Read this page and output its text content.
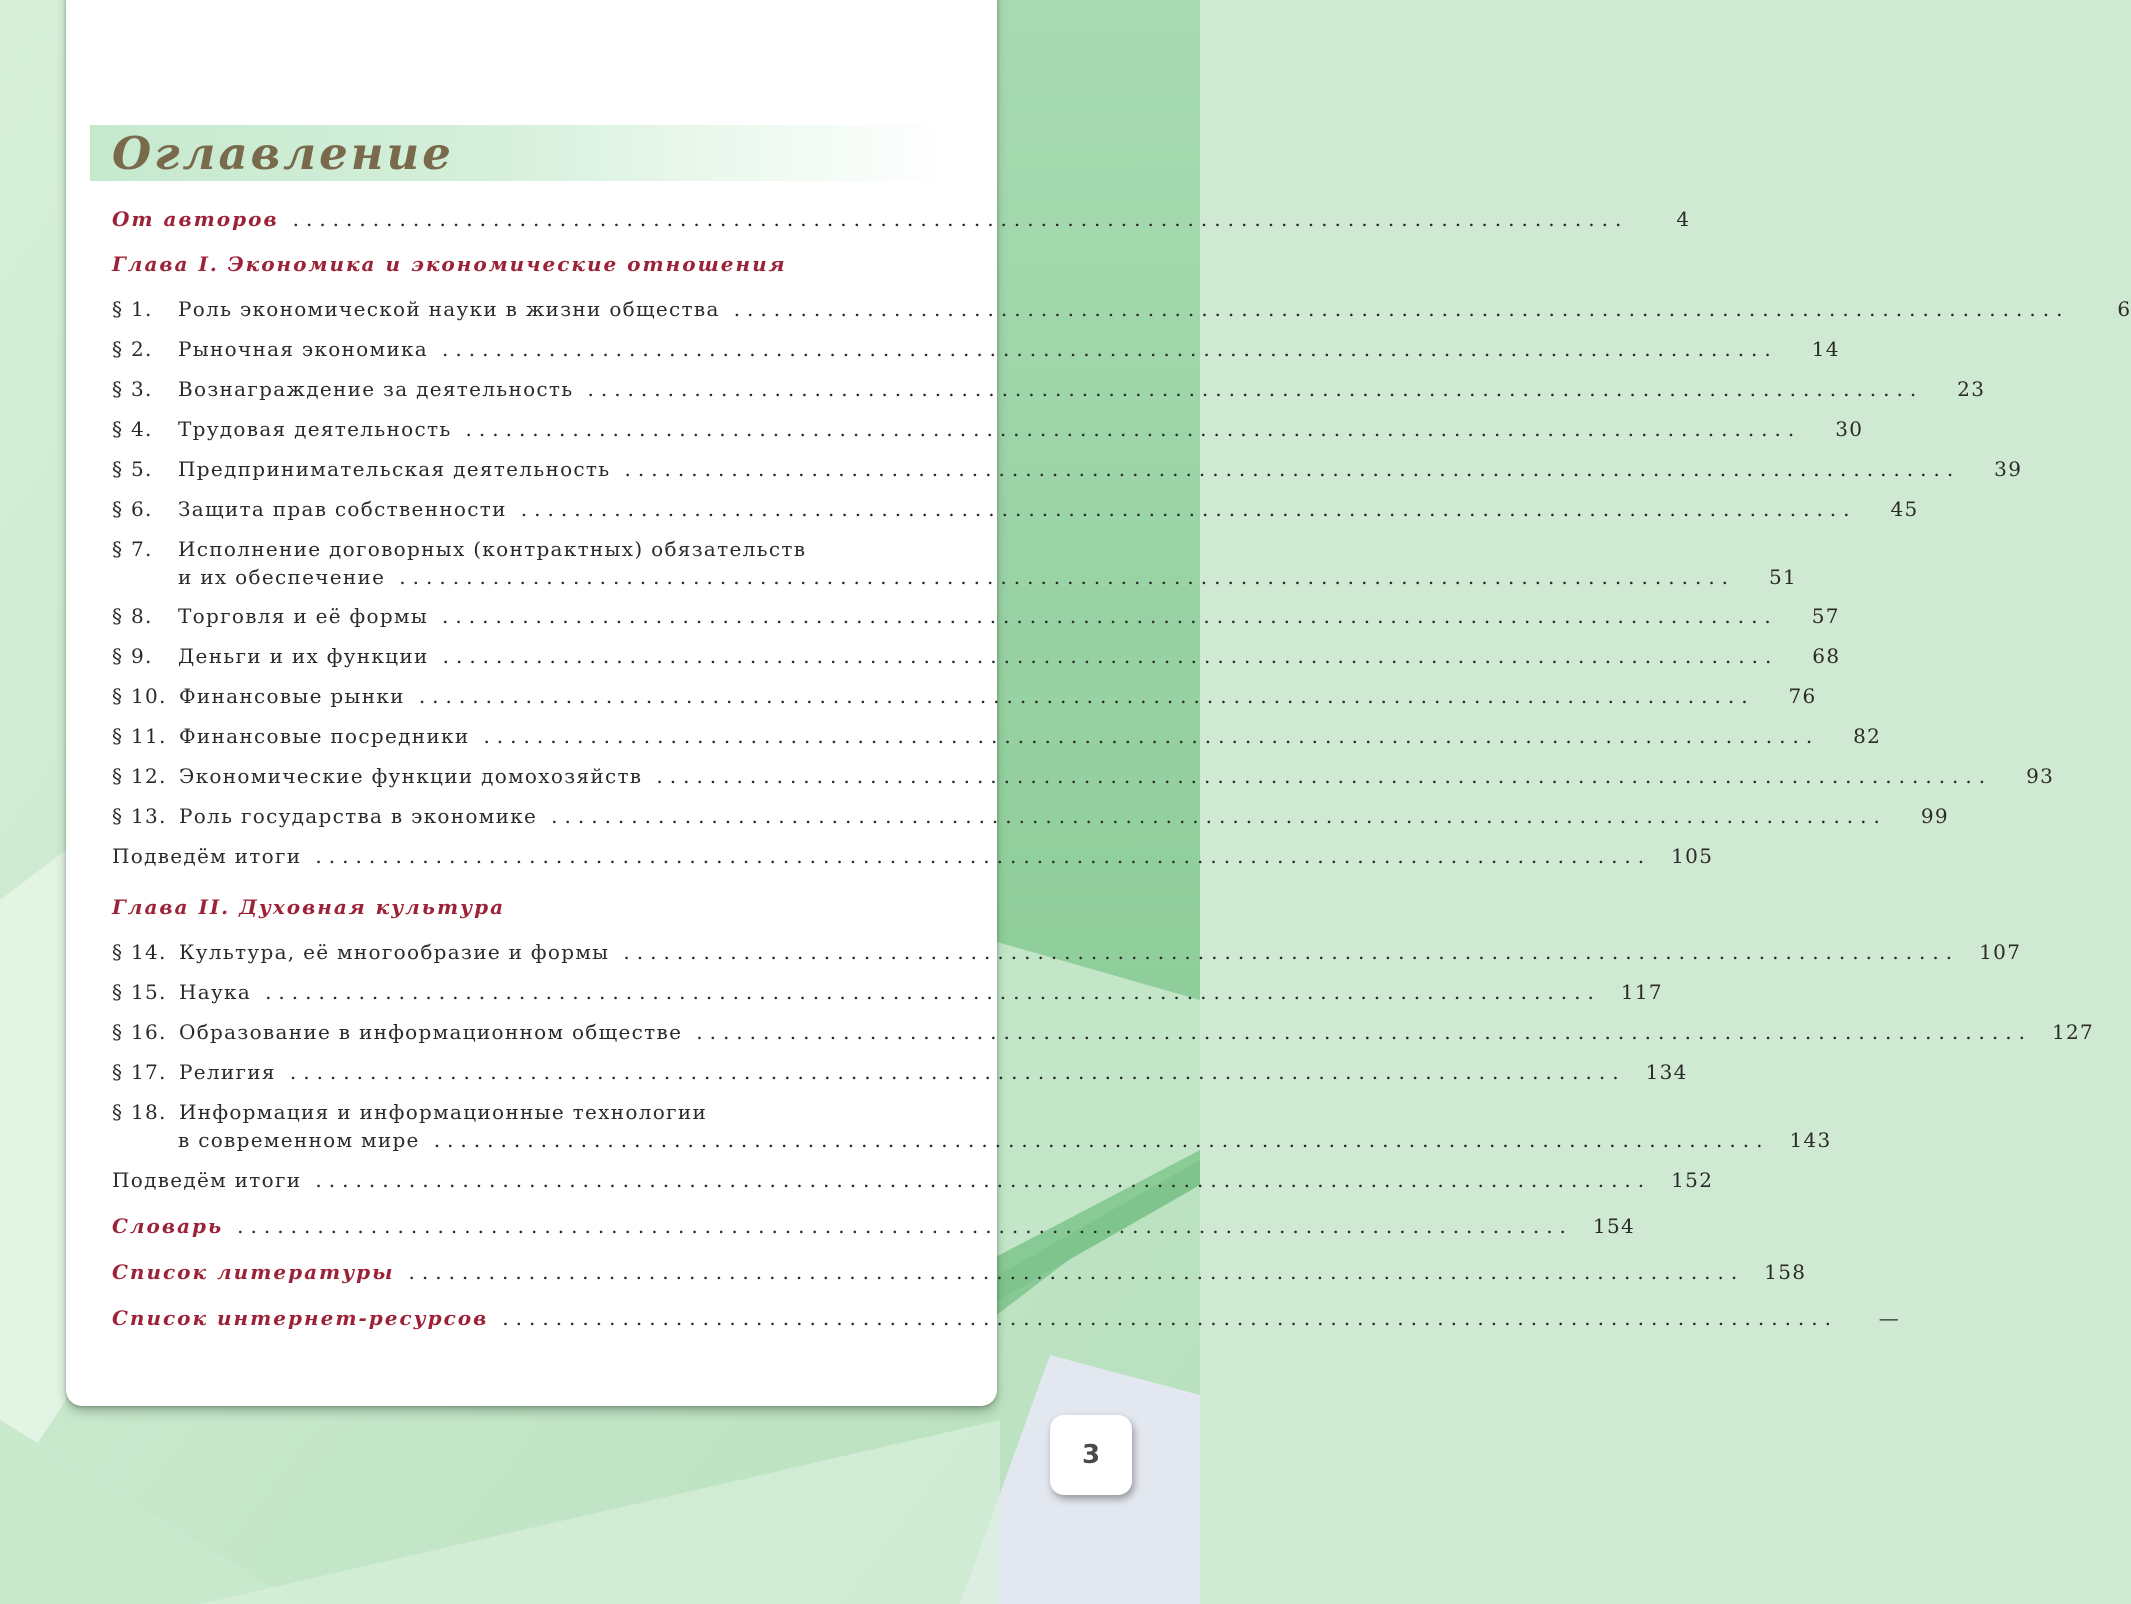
Оглавление
От авторов ....................................................................................................	4
Глава I. Экономика и экономические отношения
§ 1.	Роль экономической науки в жизни общества ....................................................................................................	6
§ 2.	Рыночная экономика ....................................................................................................	14
§ 3.	Вознаграждение за деятельность ....................................................................................................	23
§ 4.	Трудовая деятельность ....................................................................................................	30
§ 5.	Предпринимательская деятельность ....................................................................................................	39
§ 6.	Защита прав собственности ....................................................................................................	45
§ 7.	Исполнение договорных (контрактных) обязательств
и их обеспечение ....................................................................................................	51
§ 8.	Торговля и её формы ....................................................................................................	57
§ 9.	Деньги и их функции ....................................................................................................	68
§ 10. Финансовые рынки ....................................................................................................	76
§ 11. Финансовые посредники ....................................................................................................	82
§ 12. Экономические функции домохозяйств ....................................................................................................	93
§ 13. Роль государства в экономике ....................................................................................................	99
Подведём итоги .................................................................................................... 105
Глава II. Духовная культура
§ 14. Культура, её многообразие и формы .................................................................................................... 107
§ 15. Наука .................................................................................................... 117
§ 16. Образование в информационном обществе .................................................................................................... 127
§ 17. Религия .................................................................................................... 134
§ 18. Информация и информационные технологии
в современном мире .................................................................................................... 143
Подведём итоги .................................................................................................... 152
Словарь .................................................................................................... 154
Список литературы .................................................................................................... 158
Список интернет-ресурсов ....................................................................................................	—
3
